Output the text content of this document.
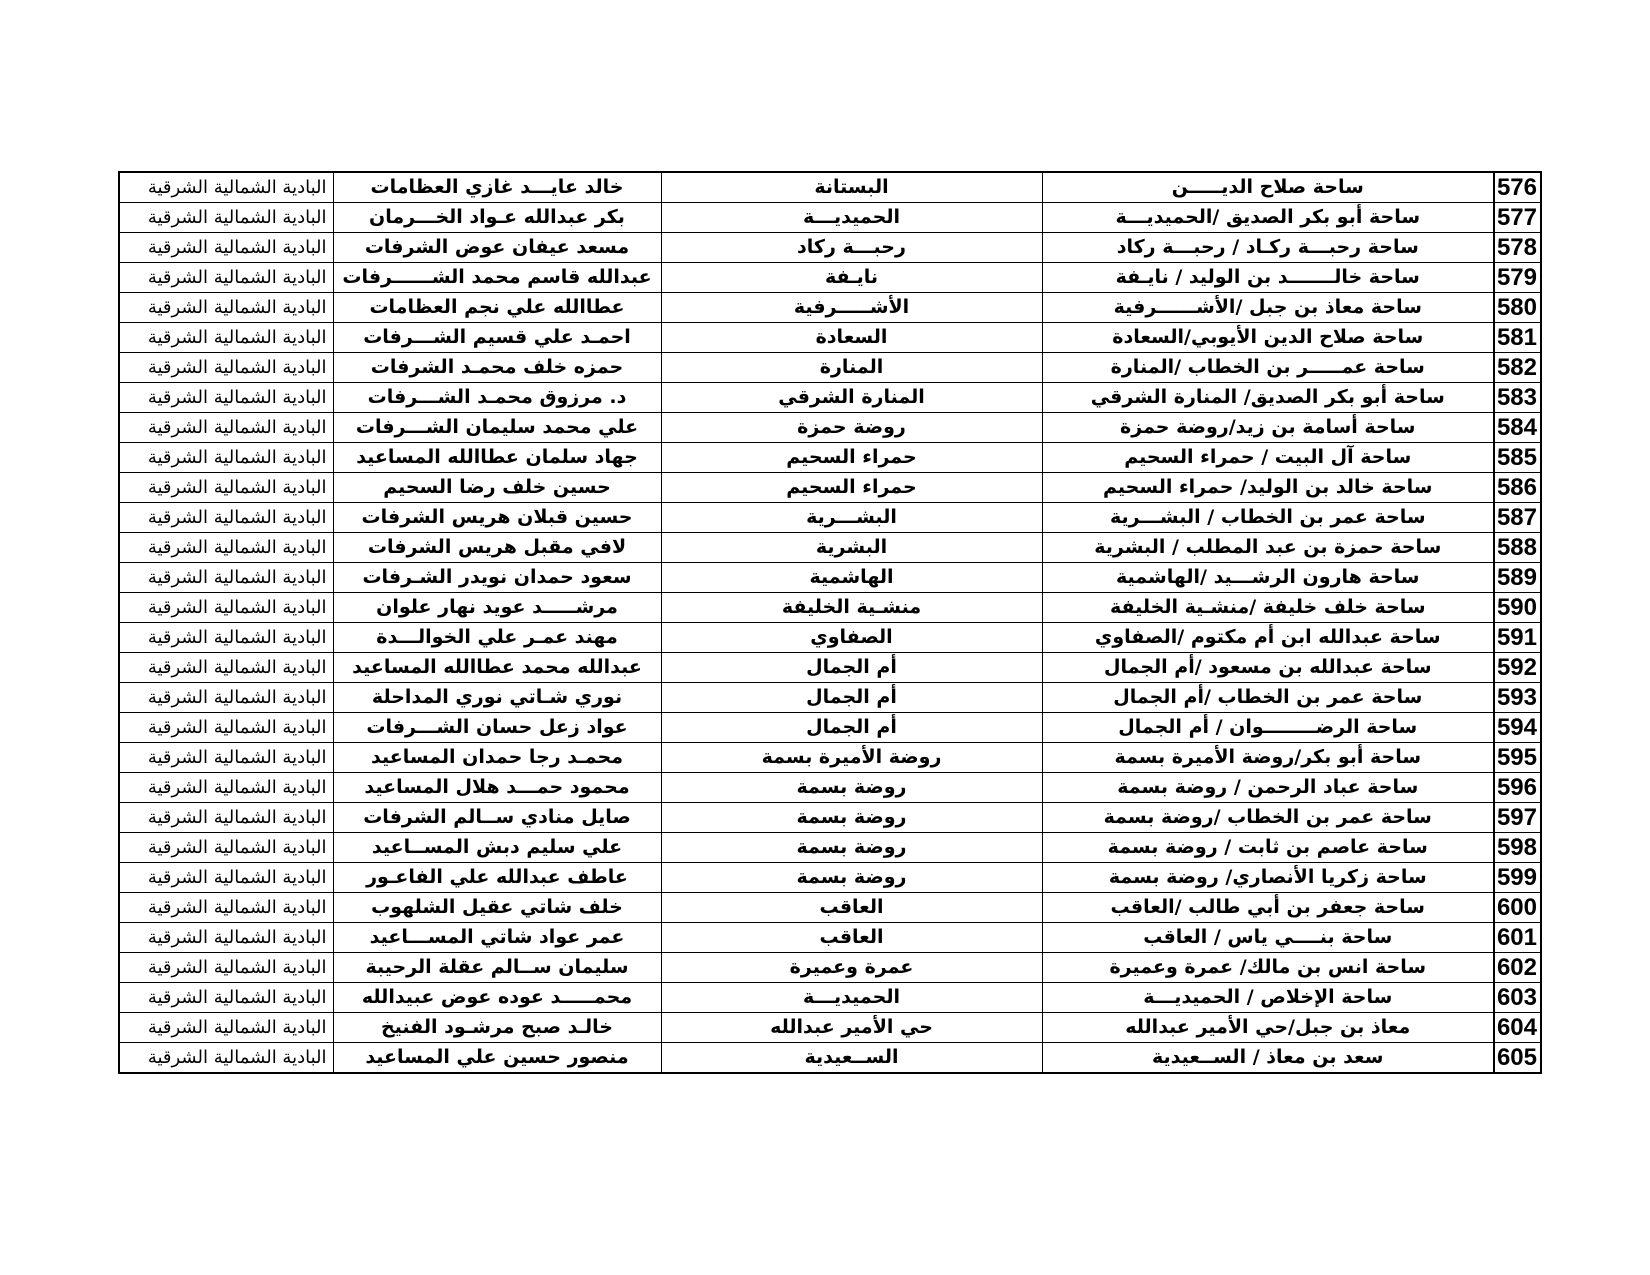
576	ساحة صلاح الديـــــن	البستانة	خالد عايـــد غازي العظامات	البادية الشمالية الشرقية
577	ساحة أبو بكر الصديق /الحميديـــة	الحميديـــة	بكر عبدالله عـواد الخـــرمان	البادية الشمالية الشرقية
578	ساحة رحبـــة ركـاد / رحبـــة ركاد	رحبـــة ركاد	مسعد عيفان عوض الشرفات	البادية الشمالية الشرقية
579	ساحة خالـــــــد بن الوليد / نايـفة	نايـفة	عبدالله قاسم محمد الشــــــرفات	البادية الشمالية الشرقية
580	ساحة معاذ بن جبل /الأشــــــرفية	الأشـــــرفية	عطاالله علي نجم العظامات	البادية الشمالية الشرقية
581	ساحة صلاح الدين الأيوبي/السعادة	السعادة	احمـد علي قسيم الشـــرفات	البادية الشمالية الشرقية
582	ساحة عمـــــر بن الخطاب /المنارة	المنارة	حمزه خلف محمـد الشرفات	البادية الشمالية الشرقية
583	ساحة أبو بكر الصديق/ المنارة الشرقي	المنارة الشرقي	د. مرزوق محمـد الشـــرفات	البادية الشمالية الشرقية
584	ساحة أسامة بن زيد/روضة حمزة	روضة حمزة	علي محمد سليمان الشـــرفات	البادية الشمالية الشرقية
585	ساحة آل البيت / حمراء السحيم	حمراء السحيم	جهاد سلمان عطاالله المساعيد	البادية الشمالية الشرقية
586	ساحة خالد بن الوليد/ حمراء السحيم	حمراء السحيم	حسين خلف رضا السحيم	البادية الشمالية الشرقية
587	ساحة عمر بن الخطاب / البشـــرية	البشـــرية	حسين قبلان هريس الشرفات	البادية الشمالية الشرقية
588	ساحة حمزة بن عبد المطلب / البشرية	البشرية	لافي مقبل هريس الشرفات	البادية الشمالية الشرقية
589	ساحة هارون الرشـــيد /الهاشمية	الهاشمية	سعود حمدان نويدر الشـرفات	البادية الشمالية الشرقية
590	ساحة خلف خليفة /منشـية الخليفة	منشـية الخليفة	مرشـــــد عويد نهار علوان	البادية الشمالية الشرقية
591	ساحة عبدالله ابن أم مكتوم /الصفاوي	الصفاوي	مهند عمـر علي الخوالـــدة	البادية الشمالية الشرقية
592	ساحة عبدالله بن مسعود /أم الجمال	أم الجمال	عبدالله محمد عطاالله المساعيد	البادية الشمالية الشرقية
593	ساحة عمر بن الخطاب /أم الجمال	أم الجمال	نوري شـاتي نوري المداحلة	البادية الشمالية الشرقية
594	ساحة الرضــــــــوان / أم الجمال	أم الجمال	عواد زعل حسان الشـــرفات	البادية الشمالية الشرقية
595	ساحة أبو بكر/روضة الأميرة بسمة	روضة الأميرة بسمة	محمـد رجا حمدان المساعيد	البادية الشمالية الشرقية
596	ساحة عباد الرحمن / روضة بسمة	روضة بسمة	محمود حمـــد هلال المساعيد	البادية الشمالية الشرقية
597	ساحة عمر بن الخطاب /روضة بسمة	روضة بسمة	صايل منادي ســالم الشرفات	البادية الشمالية الشرقية
598	ساحة عاصم بن ثابت / روضة بسمة	روضة بسمة	علي سليم دبش المســاعيد	البادية الشمالية الشرقية
599	ساحة زكريا الأنصاري/ روضة بسمة	روضة بسمة	عاطف عبدالله علي الفاعـور	البادية الشمالية الشرقية
600	ساحة جعفر بن أبي طالب /العاقب	العاقب	خلف شاتي عقيل الشلهوب	البادية الشمالية الشرقية
601	ساحة بنــــي ياس / العاقب	العاقب	عمر عواد شاتي المســـاعيد	البادية الشمالية الشرقية
602	ساحة انس بن مالك/ عمرة وعميرة	عمرة وعميرة	سليمان ســالم عقلة الرحيبة	البادية الشمالية الشرقية
603	ساحة الإخلاص / الحميديـــة	الحميديـــة	محمـــــد عوده عوض عبيدالله	البادية الشمالية الشرقية
604	معاذ بن جبل/حي الأمير عبدالله	حي الأمير عبدالله	خالـد صبح مرشـود الفنيخ	البادية الشمالية الشرقية
605	سعد بن معاذ / الســعيدية	الســعيدية	منصور حسين علي المساعيد	البادية الشمالية الشرقية
